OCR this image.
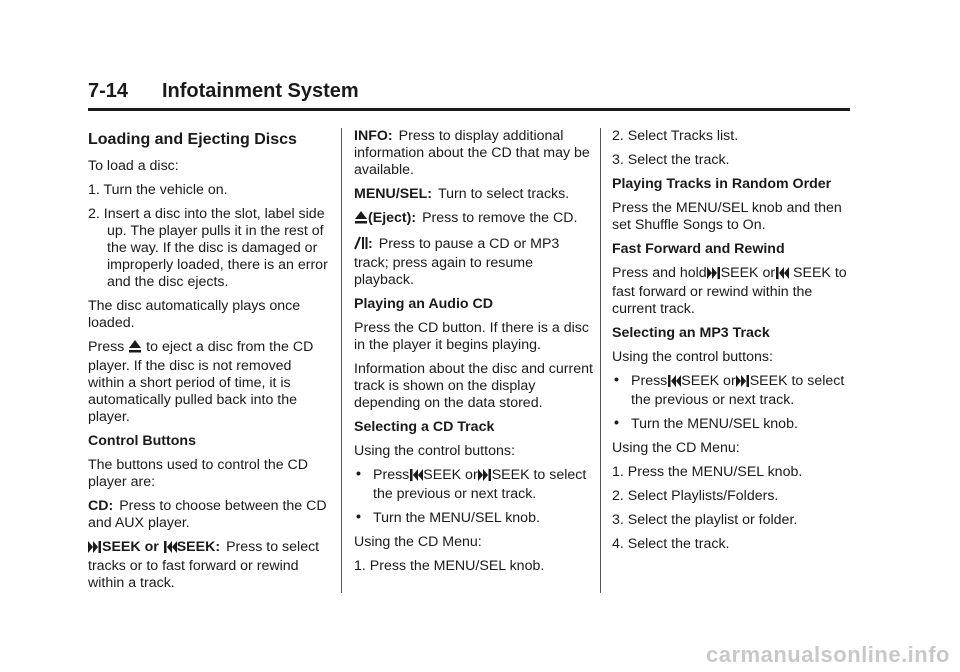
7-14 Infotainment System
Loading and Ejecting Discs

To load a disc:

1. Turn the vehicle on.

2. Insert a disc into the slot, label side up. The player pulls it in the rest of the way. If the disc is damaged or improperly loaded, there is an error and the disc ejects.

The disc automatically plays once loaded.

Press to eject a disc from the CD player. If the disc is not removed within a short period of time, it is automatically pulled back into the player.

Control Buttons

The buttons used to control the CD player are:

CD: Press to choose between the CD and AUX player.

SEEK or SEEK: Press to select tracks or to fast forward or rewind within a track.

INFO: Press to display additional information about the CD that may be available.

MENU/SEL: Turn to select tracks.

(Eject): Press to remove the CD.

: Press to pause a CD or MP3 track; press again to resume playback.

Playing an Audio CD

Press the CD button. If there is a disc in the player it begins playing.

Information about the disc and current track is shown on the display depending on the data stored.

Selecting a CD Track

Using the control buttons:

• Press SEEK or SEEK to select the previous or next track.

• Turn the MENU/SEL knob.

Using the CD Menu:

1. Press the MENU/SEL knob.

2. Select Tracks list.

3. Select the track.

Playing Tracks in Random Order

Press the MENU/SEL knob and then set Shuffle Songs to On.

Fast Forward and Rewind

Press and hold SEEK or SEEK to fast forward or rewind within the current track.

Selecting an MP3 Track

Using the control buttons:

• Press SEEK or SEEK to select the previous or next track.

• Turn the MENU/SEL knob.

Using the CD Menu:

1. Press the MENU/SEL knob.

2. Select Playlists/Folders.

3. Select the playlist or folder.

4. Select the track.

carmanualsonline.info
